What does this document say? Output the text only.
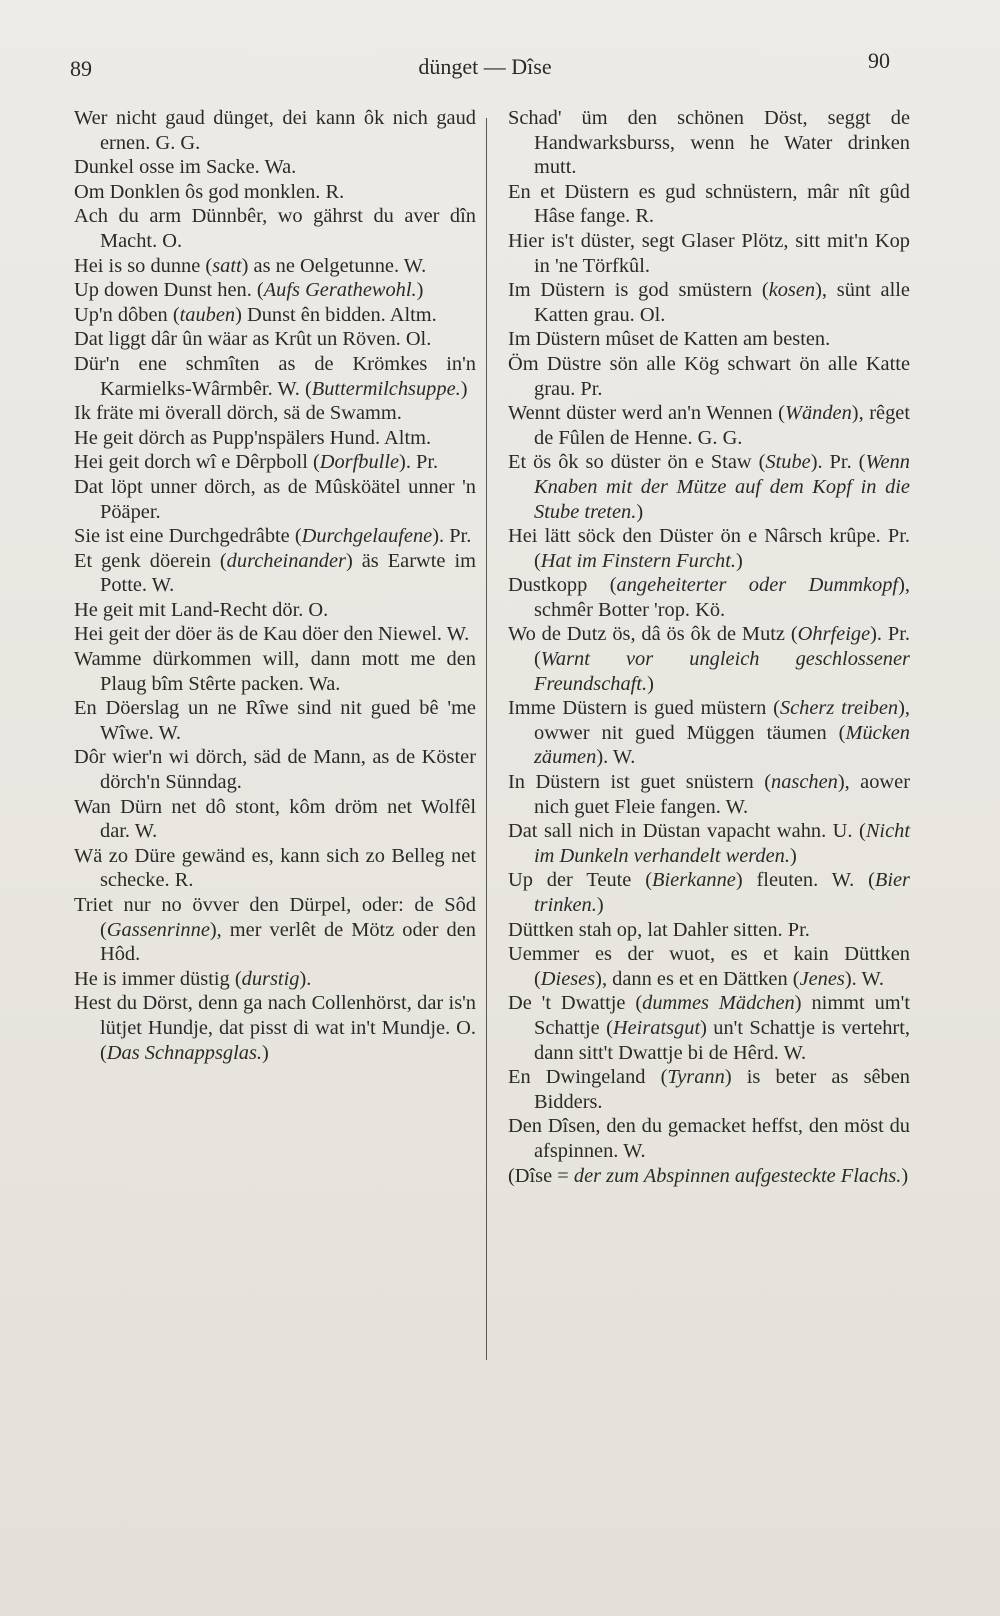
89	dünget — Dîse	90

Wer nicht gaud dünget, dei kann ôk nich gaud ernen. G. G.

Dunkel osse im Sacke. Wa.

Om Donklen ôs god monklen. R.

Ach du arm Dünnbêr, wo gährst du aver dîn Macht. O.

Hei is so dunne (satt) as ne Oelgetunne. W.

Up dowen Dunst hen. (Aufs Gerathewohl.)

Up'n dôben (tauben) Dunst ên bidden. Altm.

Dat liggt dâr ûn wäar as Krût un Röven. Ol.

Dür'n ene schmîten as de Krömkes in'n Karmielks-Wârmbêr. W. (Buttermilchsuppe.)

Ik fräte mi överall dörch, sä de Swamm.

He geit dörch as Pupp'nspälers Hund. Altm.

Hei geit dorch wî e Dêrpboll (Dorfbulle). Pr.

Dat löpt unner dörch, as de Mûsköätel unner 'n Pöäper.

Sie ist eine Durchgedrâbte (Durchgelaufene). Pr.

Et genk döerein (durcheinander) äs Earwte im Potte. W.

He geit mit Land-Recht dör. O.

Hei geit der döer äs de Kau döer den Niewel. W.

Wamme dürkommen will, dann mott me den Plaug bîm Stêrte packen. Wa.

En Döerslag un ne Rîwe sind nit gued bê 'me Wîwe. W.

Dôr wier'n wi dörch, säd de Mann, as de Köster dörch'n Sünndag.

Wan Dürn net dô stont, kôm dröm net Wolfêl dar. W.

Wä zo Düre gewänd es, kann sich zo Belleg net schecke. R.

Triet nur no övver den Dürpel, oder: de Sôd (Gassenrinne), mer verlêt de Mötz oder den Hôd.

He is immer düstig (durstig).

Hest du Dörst, denn ga nach Collenhörst, dar is'n lütjet Hundje, dat pisst di wat in't Mundje. O. (Das Schnappsglas.)

Schad' üm den schönen Döst, seggt de Handwarksburss, wenn he Water drinken mutt.

En et Düstern es gud schnüstern, mâr nît gûd Hâse fange. R.

Hier is't düster, segt Glaser Plötz, sitt mit'n Kop in 'ne Törfkûl.

Im Düstern is god smüstern (kosen), sünt alle Katten grau. Ol.

Im Düstern mûset de Katten am besten.

Öm Düstre sön alle Kög schwart ön alle Katte grau. Pr.

Wennt düster werd an'n Wennen (Wänden), rêget de Fûlen de Henne. G. G.

Et ös ôk so düster ön e Staw (Stube). Pr. (Wenn Knaben mit der Mütze auf dem Kopf in die Stube treten.)

Hei lätt söck den Düster ön e Nârsch krûpe. Pr. (Hat im Finstern Furcht.)

Dustkopp (angeheiterter oder Dummkopf), schmêr Botter 'rop. Kö.

Wo de Dutz ös, dâ ös ôk de Mutz (Ohrfeige). Pr. (Warnt vor ungleich geschlossener Freundschaft.)

Imme Düstern is gued müstern (Scherz treiben), owwer nit gued Müggen täumen (Mücken zäumen). W.

In Düstern ist guet snüstern (naschen), aower nich guet Fleie fangen. W.

Dat sall nich in Düstan vapacht wahn. U. (Nicht im Dunkeln verhandelt werden.)

Up der Teute (Bierkanne) fleuten. W. (Bier trinken.)

Düttken stah op, lat Dahler sitten. Pr.

Uemmer es der wuot, es et kain Düttken (Dieses), dann es et en Dättken (Jenes). W.

De 't Dwattje (dummes Mädchen) nimmt um't Schattje (Heiratsgut) un't Schattje is vertehrt, dann sitt't Dwattje bi de Hêrd. W.

En Dwingeland (Tyrann) is beter as sêben Bidders.

Den Dîsen, den du gemacket heffst, den möst du afspinnen. W.

(Dîse = der zum Abspinnen aufgesteckte Flachs.)
